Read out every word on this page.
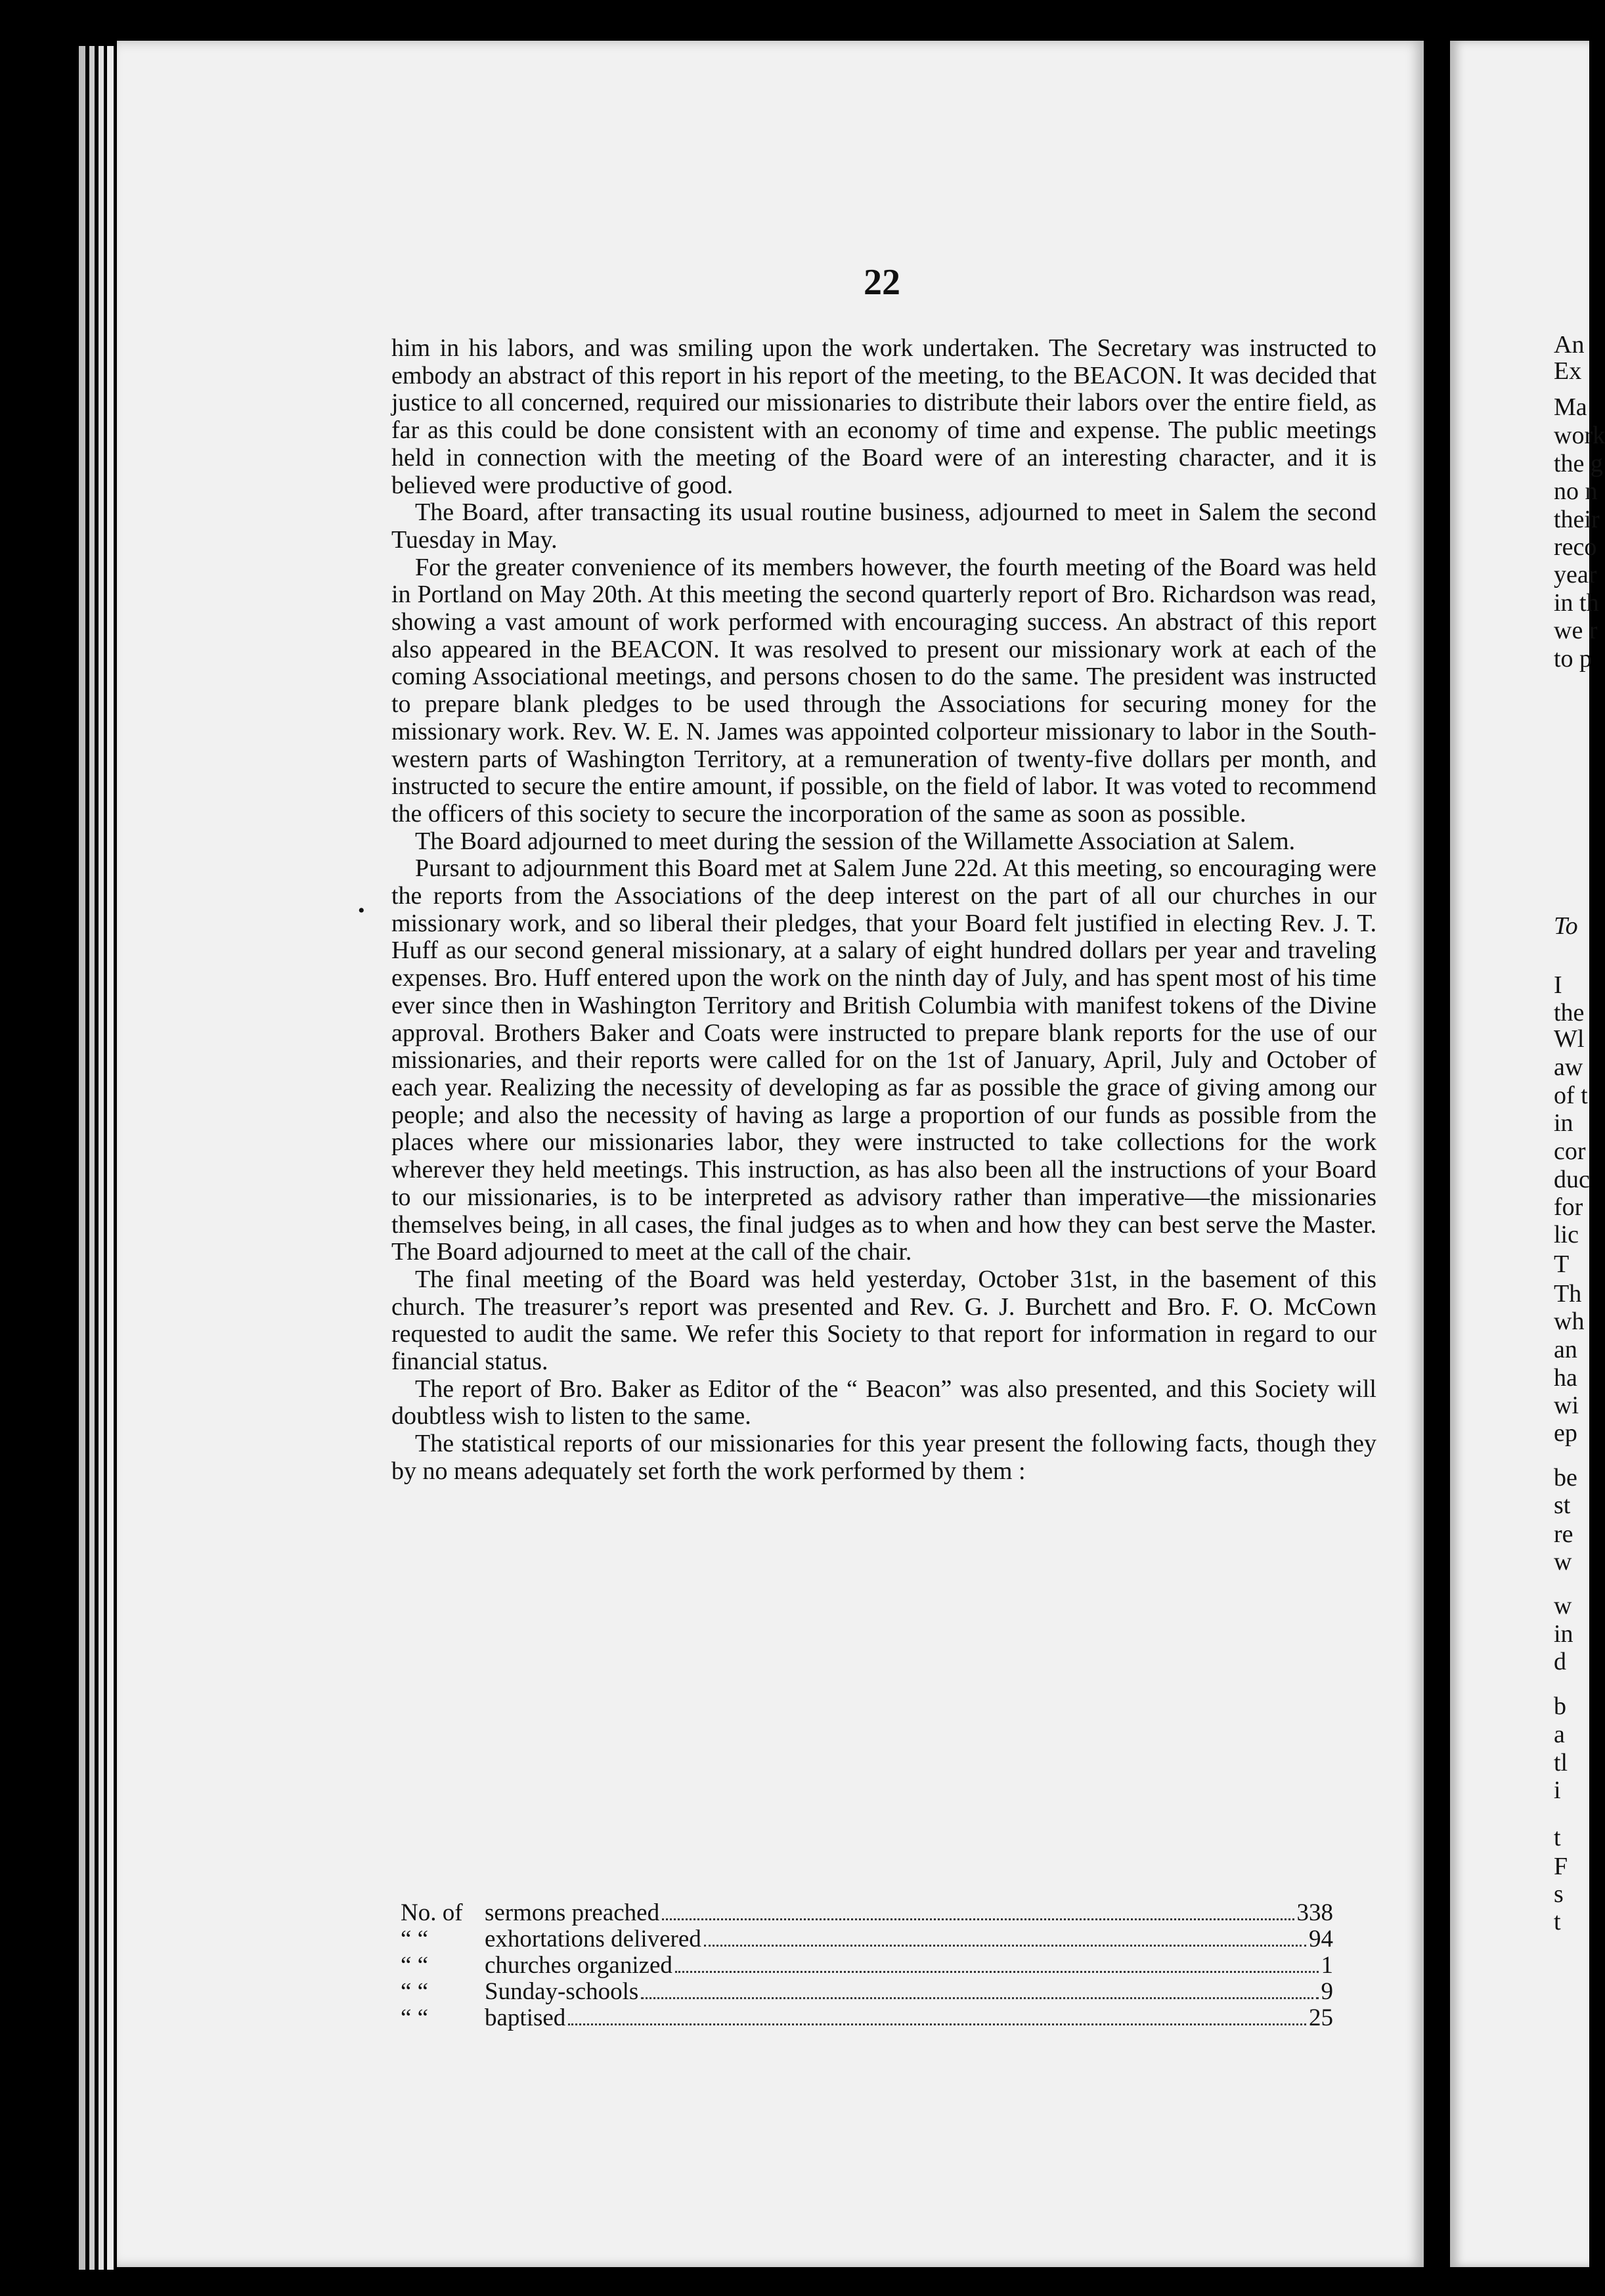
22

him in his labors, and was smiling upon the work undertaken. The Secretary was instructed to embody an abstract of this report in his report of the meeting, to the BEACON. It was decided that justice to all concerned, required our missionaries to distribute their labors over the entire field, as far as this could be done consistent with an economy of time and expense. The public meetings held in connection with the meeting of the Board were of an interesting character, and it is believed were productive of good.

The Board, after transacting its usual routine business, adjourned to meet in Salem the second Tuesday in May.

For the greater convenience of its members however, the fourth meeting of the Board was held in Portland on May 20th. At this meeting the second quarterly report of Bro. Richardson was read, showing a vast amount of work performed with encouraging success. An abstract of this report also appeared in the BEACON. It was resolved to present our missionary work at each of the coming Associational meetings, and persons chosen to do the same. The president was instructed to prepare blank pledges to be used through the Associations for securing money for the missionary work. Rev. W. E. N. James was appointed colporteur missionary to labor in the South-western parts of Washington Territory, at a remuneration of twenty-five dollars per month, and instructed to secure the entire amount, if possible, on the field of labor. It was voted to recommend the officers of this society to secure the incorporation of the same as soon as possible.

The Board adjourned to meet during the session of the Willamette Association at Salem.

Pursant to adjournment this Board met at Salem June 22d. At this meeting, so encouraging were the reports from the Associations of the deep interest on the part of all our churches in our missionary work, and so liberal their pledges, that your Board felt justified in electing Rev. J. T. Huff as our second general missionary, at a salary of eight hundred dollars per year and traveling expenses. Bro. Huff entered upon the work on the ninth day of July, and has spent most of his time ever since then in Washington Territory and British Columbia with manifest tokens of the Divine approval. Brothers Baker and Coats were instructed to prepare blank reports for the use of our missionaries, and their reports were called for on the 1st of January, April, July and October of each year. Realizing the necessity of developing as far as possible the grace of giving among our people; and also the necessity of having as large a proportion of our funds as possible from the places where our missionaries labor, they were instructed to take collections for the work wherever they held meetings. This instruction, as has also been all the instructions of your Board to our missionaries, is to be interpreted as advisory rather than imperative—the missionaries themselves being, in all cases, the final judges as to when and how they can best serve the Master. The Board adjourned to meet at the call of the chair.

The final meeting of the Board was held yesterday, October 31st, in the basement of this church. The treasurer’s report was presented and Rev. G. J. Burchett and Bro. F. O. McCown requested to audit the same. We refer this Society to that report for information in regard to our financial status.

The report of Bro. Baker as Editor of the “ Beacon” was also presented, and this Society will doubtless wish to listen to the same.

The statistical reports of our missionaries for this year present the following facts, though they by no means adequately set forth the work performed by them :

•
No. of sermons preached	338
“ “	exhortations delivered	94
“ “	churches organized	1
“ “	Sunday-schools	9
“ “	baptised	25
An
Ex
Ma
work
the g
no n
their
reco
year
in th
we r
to p
To
I
the
Wl
aw
of t
in
cor
duc
for
lic
T
Th
wh
an
ha
wi
ep
be
st
re
w
w
in
d
b
a
tl
i
t
F
s
t
